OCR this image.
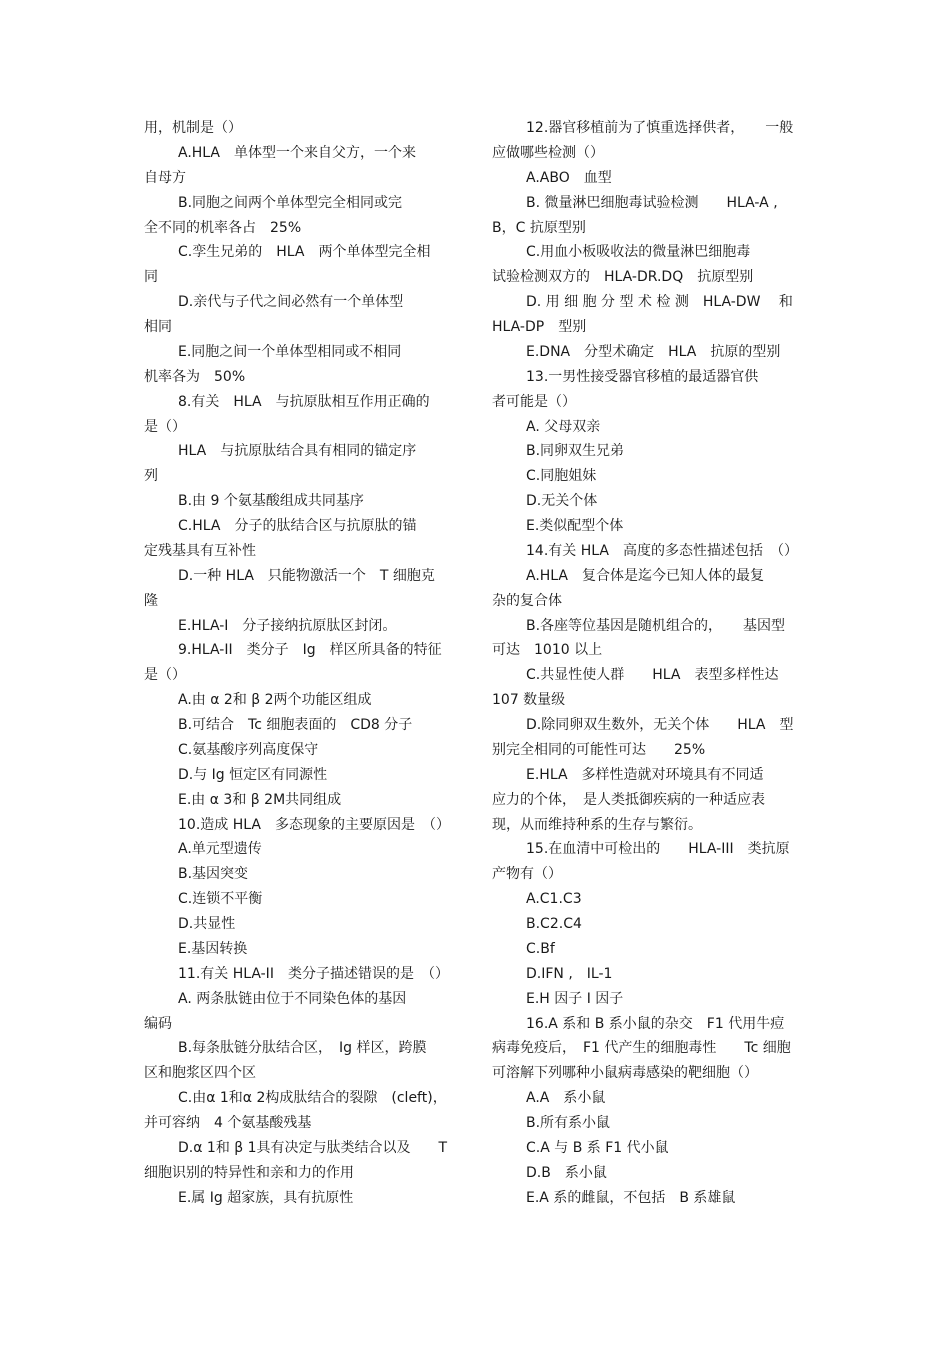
用，机制是（）
A.HLA　单体型一个来自父方，一个来
自母方
B.同胞之间两个单体型完全相同或完
全不同的机率各占　25%
C.孪生兄弟的　HLA　两个单体型完全相
同
D.亲代与子代之间必然有一个单体型
相同
E.同胞之间一个单体型相同或不相同
机率各为　50%
8.有关　HLA　与抗原肽相互作用正确的
是（）
HLA　与抗原肽结合具有相同的锚定序
列
B.由 9 个氨基酸组成共同基序
C.HLA　分子的肽结合区与抗原肽的锚
定残基具有互补性
D.一种 HLA　只能物激活一个　T 细胞克
隆
E.HLA-I　分子接纳抗原肽区封闭。
9.HLA-II　类分子　Ig　样区所具备的特征
是（）
A.由 α 2和 β 2两个功能区组成
B.可结合　Tc 细胞表面的　CD8 分子
C.氨基酸序列高度保守
D.与 Ig 恒定区有同源性
E.由 α 3和 β 2M共同组成
10.造成 HLA　多态现象的主要原因是　（）
A.单元型遗传
B.基因突变
C.连锁不平衡
D.共显性
E.基因转换
11.有关 HLA-II　类分子描述错误的是　（）
A. 两条肽链由位于不同染色体的基因
编码
B.每条肽链分肽结合区，　Ig 样区，跨膜
区和胞浆区四个区
C.由α 1和α 2构成肽结合的裂隙　(cleft)，
并可容纳　4 个氨基酸残基
D.α 1和 β 1具有决定与肽类结合以及　　T
细胞识别的特异性和亲和力的作用
E.属 Ig 超家族，具有抗原性
12.器官移植前为了慎重选择供者，　　一般
应做哪些检测（）
A.ABO　血型
B. 微量淋巴细胞毒试验检测　　HLA-A ,
B，C 抗原型别
C.用血小板吸收法的微量淋巴细胞毒
试验检测双方的　HLA-DR.DQ　抗原型别
D. 用 细 胞 分 型 术 检 测　HLA-DW　 和
HLA-DP　型别
E.DNA　分型术确定　HLA　抗原的型别
13.一男性接受器官移植的最适器官供
者可能是（）
A. 父母双亲
B.同卵双生兄弟
C.同胞姐妹
D.无关个体
E.类似配型个体
14.有关 HLA　高度的多态性描述包括　（）
A.HLA　复合体是迄今已知人体的最复
杂的复合体
B.各座等位基因是随机组合的，　　基因型
可达　1010 以上
C.共显性使人群　　HLA　表型多样性达
107 数量级
D.除同卵双生数外，无关个体　　HLA　型
别完全相同的可能性可达　　25%
E.HLA　多样性造就对环境具有不同适
应力的个体，　是人类抵御疾病的一种适应表
现，从而维持种系的生存与繁衍。
15.在血清中可检出的　　HLA-III　类抗原
产物有（）
A.C1.C3
B.C2.C4
C.Bf
D.IFN ,　IL-1
E.H 因子 I 因子
16.A 系和 B 系小鼠的杂交　F1 代用牛痘
病毒免疫后，　F1 代产生的细胞毒性　　Tc 细胞
可溶解下列哪种小鼠病毒感染的靶细胞（）
A.A　系小鼠
B.所有系小鼠
C.A 与 B 系 F1 代小鼠
D.B　系小鼠
E.A 系的雌鼠，不包括　B 系雄鼠
